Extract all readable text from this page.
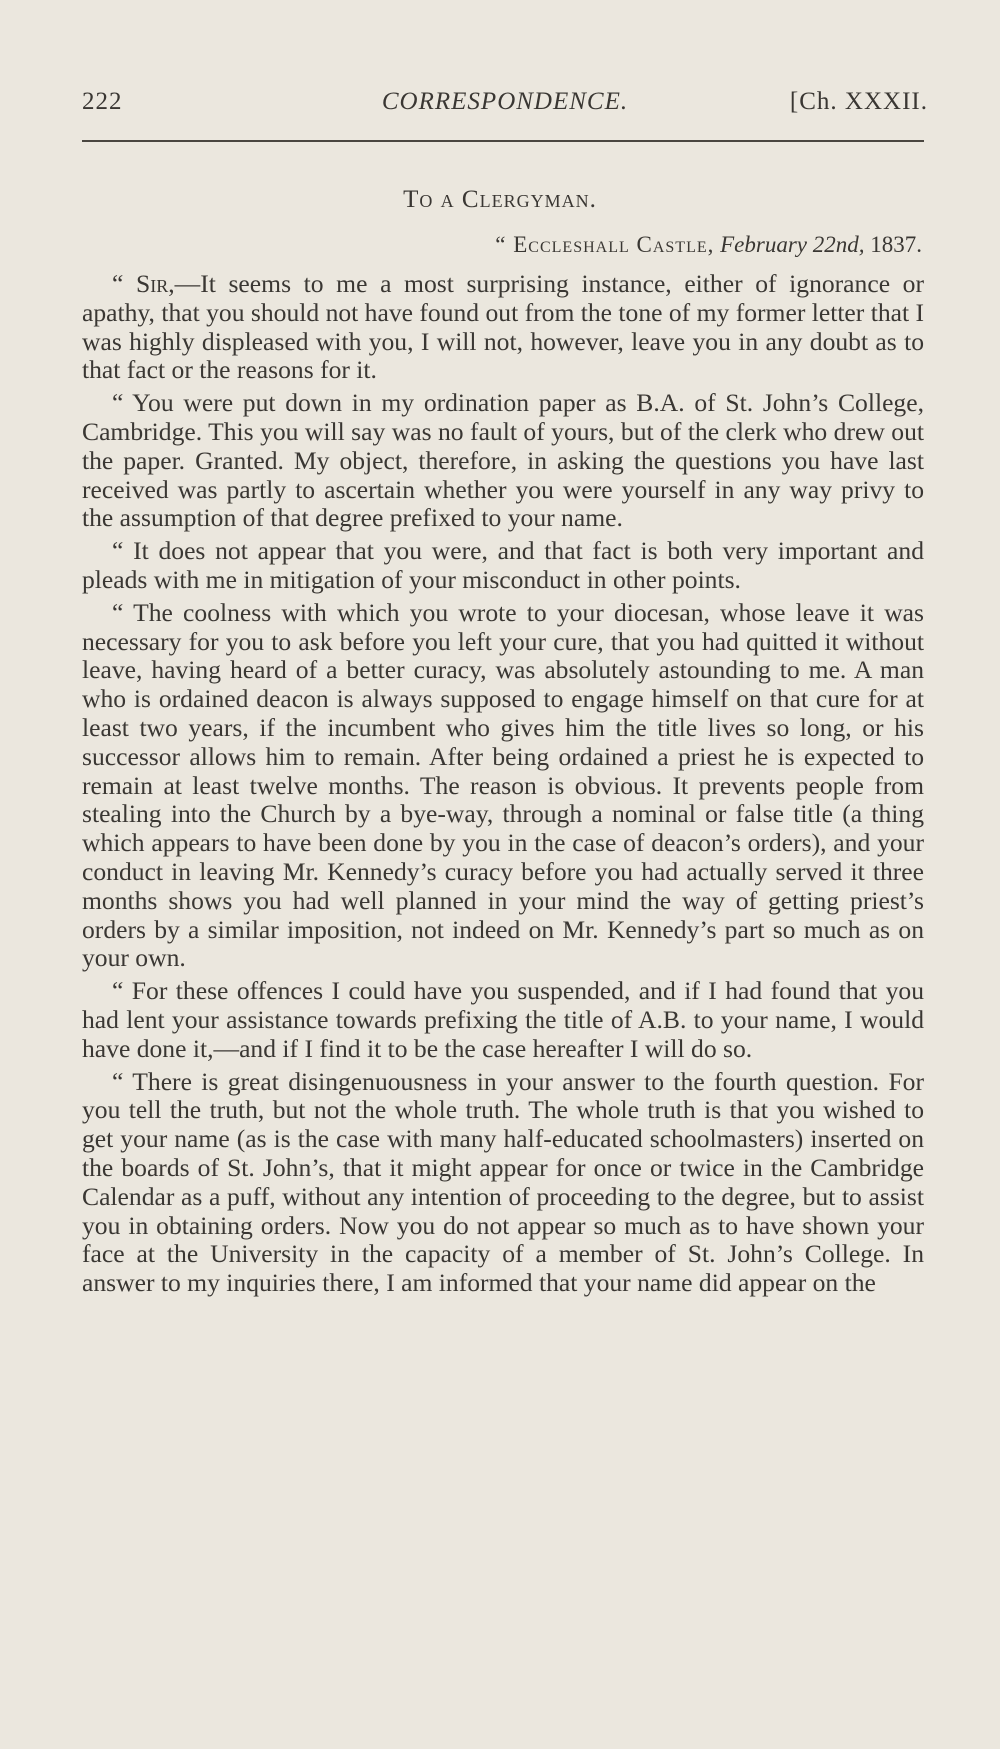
222	CORRESPONDENCE.	[Ch. XXXII.
To a Clergyman.
“ Eccleshall Castle, February 22nd, 1837.

“ Sir,—It seems to me a most surprising instance, either of ignorance or apathy, that you should not have found out from the tone of my former letter that I was highly displeased with you, I will not, however, leave you in any doubt as to that fact or the reasons for it.

“ You were put down in my ordination paper as B.A. of St. John’s College, Cambridge. This you will say was no fault of yours, but of the clerk who drew out the paper. Granted. My object, therefore, in asking the questions you have last received was partly to ascertain whether you were yourself in any way privy to the assumption of that degree prefixed to your name.

“ It does not appear that you were, and that fact is both very important and pleads with me in mitigation of your misconduct in other points.

“ The coolness with which you wrote to your diocesan, whose leave it was necessary for you to ask before you left your cure, that you had quitted it without leave, having heard of a better curacy, was absolutely astounding to me. A man who is ordained deacon is always supposed to engage himself on that cure for at least two years, if the incumbent who gives him the title lives so long, or his successor allows him to remain. After being ordained a priest he is expected to remain at least twelve months. The reason is obvious. It prevents people from stealing into the Church by a bye-way, through a nominal or false title (a thing which appears to have been done by you in the case of deacon’s orders), and your conduct in leaving Mr. Kennedy’s curacy before you had actually served it three months shows you had well planned in your mind the way of getting priest’s orders by a similar imposition, not indeed on Mr. Kennedy’s part so much as on your own.

“ For these offences I could have you suspended, and if I had found that you had lent your assistance towards prefixing the title of A.B. to your name, I would have done it,—and if I find it to be the case hereafter I will do so.

“ There is great disingenuousness in your answer to the fourth question. For you tell the truth, but not the whole truth. The whole truth is that you wished to get your name (as is the case with many half-educated schoolmasters) inserted on the boards of St. John’s, that it might appear for once or twice in the Cambridge Calendar as a puff, without any intention of proceeding to the degree, but to assist you in obtaining orders. Now you do not appear so much as to have shown your face at the University in the capacity of a member of St. John’s College. In answer to my inquiries there, I am informed that your name did appear on the
